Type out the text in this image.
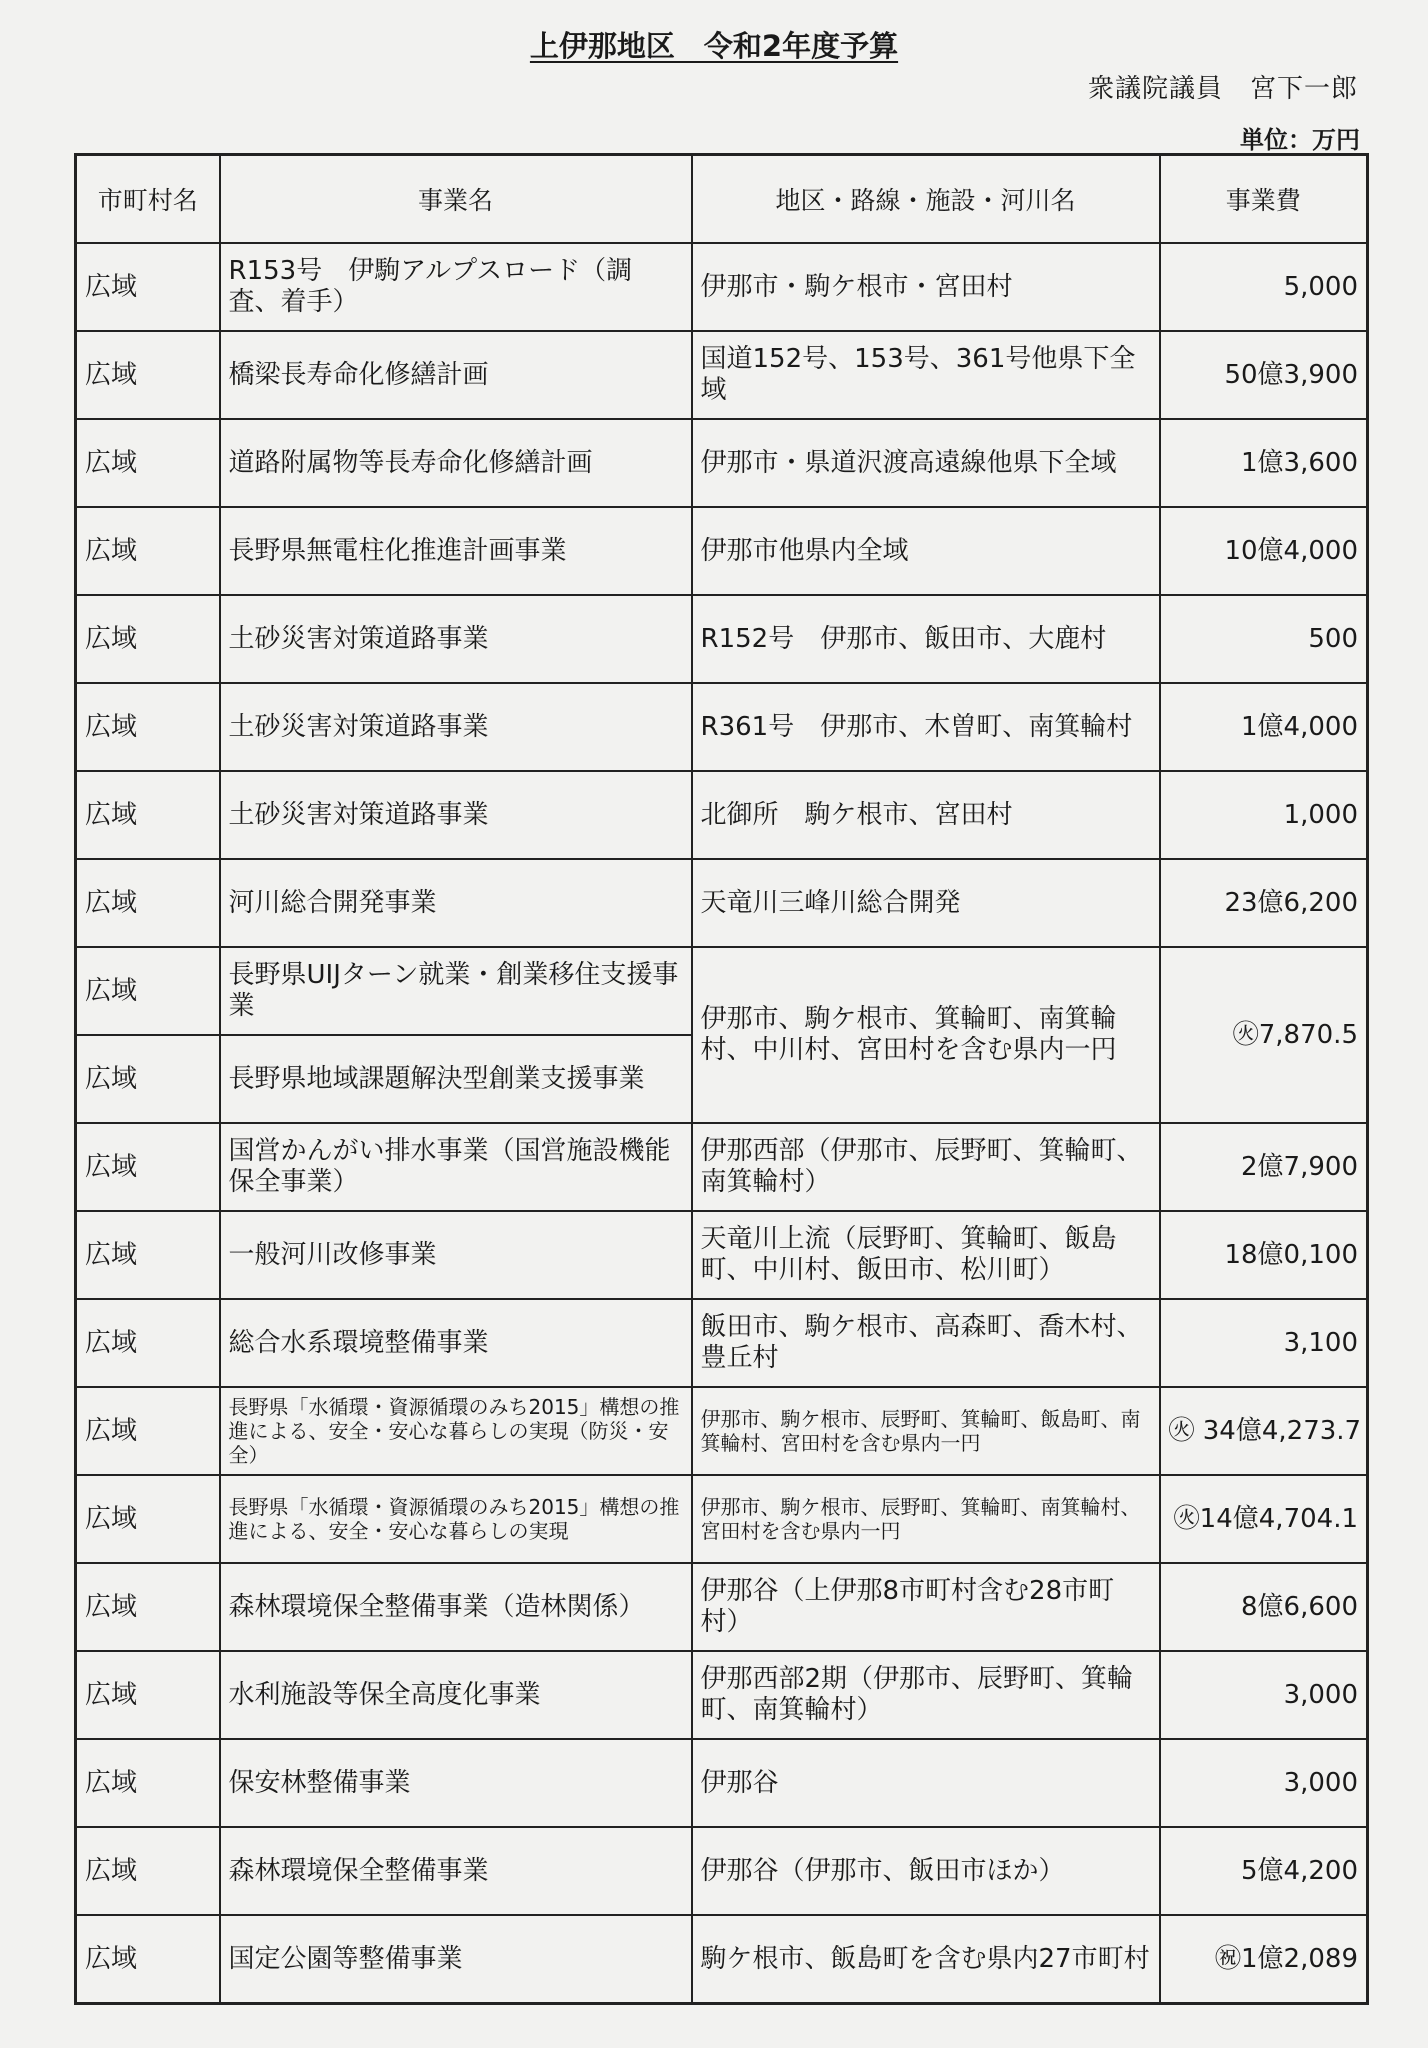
上伊那地区　令和2年度予算
衆議院議員　宮下一郎
単位：万円
市町村名	事業名	地区・路線・施設・河川名	事業費
広域	R153号　伊駒アルプスロード（調査、着手）	伊那市・駒ケ根市・宮田村	5,000
広域	橋梁長寿命化修繕計画	国道152号、153号、361号他県下全域	50億3,900
広域	道路附属物等長寿命化修繕計画	伊那市・県道沢渡高遠線他県下全域	1億3,600
広域	長野県無電柱化推進計画事業	伊那市他県内全域	10億4,000
広域	土砂災害対策道路事業	R152号　伊那市、飯田市、大鹿村	500
広域	土砂災害対策道路事業	R361号　伊那市、木曽町、南箕輪村	1億4,000
広域	土砂災害対策道路事業	北御所　駒ケ根市、宮田村	1,000
広域	河川総合開発事業	天竜川三峰川総合開発	23億6,200
広域	長野県UIJターン就業・創業移住支援事業	伊那市、駒ケ根市、箕輪町、南箕輪村、中川村、宮田村を含む県内一円	㊋7,870.5
広域	長野県地域課題解決型創業支援事業		
広域	国営かんがい排水事業（国営施設機能保全事業）	伊那西部（伊那市、辰野町、箕輪町、南箕輪村）	2億7,900
広域	一般河川改修事業	天竜川上流（辰野町、箕輪町、飯島町、中川村、飯田市、松川町）	18億0,100
広域	総合水系環境整備事業	飯田市、駒ケ根市、高森町、喬木村、豊丘村	3,100
広域	長野県「水循環・資源循環のみち2015」構想の推進による、安全・安心な暮らしの実現（防災・安全）	伊那市、駒ケ根市、辰野町、箕輪町、飯島町、南箕輪村、宮田村を含む県内一円	㊋ 34億4,273.7
広域	長野県「水循環・資源循環のみち2015」構想の推進による、安全・安心な暮らしの実現	伊那市、駒ケ根市、辰野町、箕輪町、南箕輪村、宮田村を含む県内一円	㊋14億4,704.1
広域	森林環境保全整備事業（造林関係）	伊那谷（上伊那8市町村含む28市町村）	8億6,600
広域	水利施設等保全高度化事業	伊那西部2期（伊那市、辰野町、箕輪町、南箕輪村）	3,000
広域	保安林整備事業	伊那谷	3,000
広域	森林環境保全整備事業	伊那谷（伊那市、飯田市ほか）	5億4,200
広域	国定公園等整備事業	駒ケ根市、飯島町を含む県内27市町村	㊗1億2,089
